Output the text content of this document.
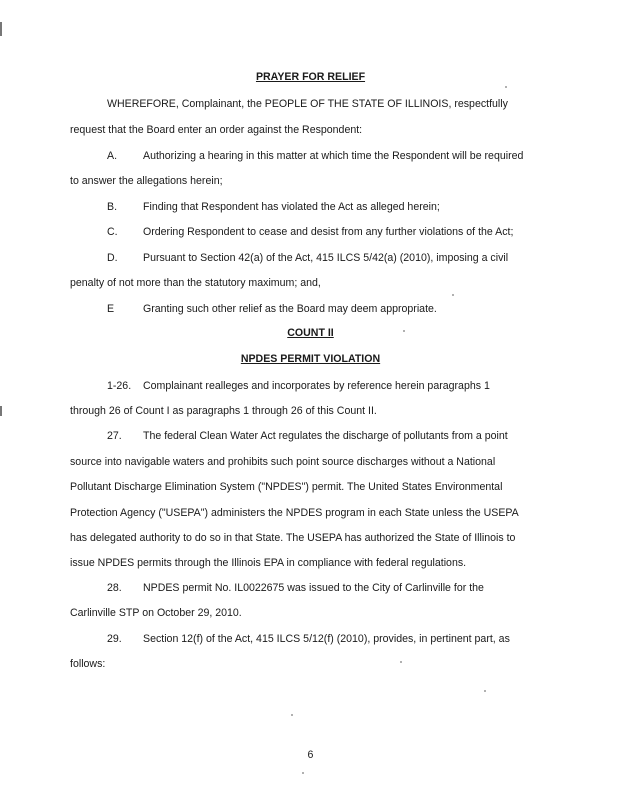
PRAYER FOR RELIEF
WHEREFORE, Complainant, the PEOPLE OF THE STATE OF ILLINOIS, respectfully
request that the Board enter an order against the Respondent:
A. Authorizing a hearing in this matter at which time the Respondent will be required
to answer the allegations herein;
B. Finding that Respondent has violated the Act as alleged herein;
C. Ordering Respondent to cease and desist from any further violations of the Act;
D. Pursuant to Section 42(a) of the Act, 415 ILCS 5/42(a) (2010), imposing a civil
penalty of not more than the statutory maximum; and,
E	Granting such other relief as the Board may deem appropriate.
COUNT II
NPDES PERMIT VIOLATION
1-26. Complainant realleges and incorporates by reference herein paragraphs 1
through 26 of Count I as paragraphs 1 through 26 of this Count II.
27. The federal Clean Water Act regulates the discharge of pollutants from a point
source into navigable waters and prohibits such point source discharges without a National
Pollutant Discharge Elimination System ("NPDES") permit. The United States Environmental
Protection Agency ("USEPA") administers the NPDES program in each State unless the USEPA
has delegated authority to do so in that State. The USEPA has authorized the State of Illinois to
issue NPDES permits through the Illinois EPA in compliance with federal regulations.
28. NPDES permit No. IL0022675 was issued to the City of Carlinville for the
Carlinville STP on October 29, 2010.
29. Section 12(f) of the Act, 415 ILCS 5/12(f) (2010), provides, in pertinent part, as
follows:
6
